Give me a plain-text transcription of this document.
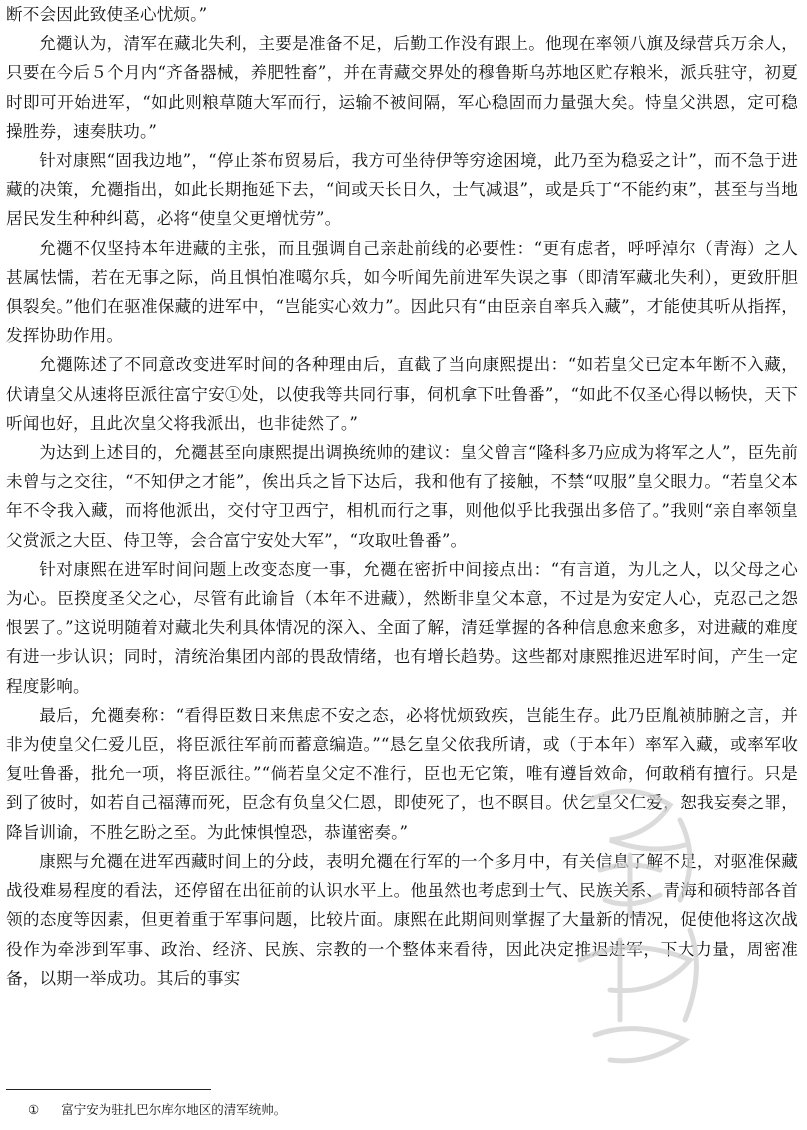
断不会因此致使圣心忧烦。”

允禵认为，清军在藏北失利，主要是准备不足，后勤工作没有跟上。他现在率领八旗及绿营兵万余人，只要在今后５个月内“齐备器械，养肥牲畜”，并在青藏交界处的穆鲁斯乌苏地区贮存粮米，派兵驻守，初夏时即可开始进军，“如此则粮草随大军而行，运输不被间隔，军心稳固而力量强大矣。恃皇父洪恩，定可稳操胜券，速奏肤功。”

针对康熙“固我边地”，“停止茶布贸易后，我方可坐待伊等穷途困境，此乃至为稳妥之计”，而不急于进藏的决策，允禵指出，如此长期拖延下去，“间或天长日久，士气减退”，或是兵丁“不能约束”，甚至与当地居民发生种种纠葛，必将“使皇父更增忧劳”。

允禵不仅坚持本年进藏的主张，而且强调自己亲赴前线的必要性：“更有虑者，呼呼淖尔（青海）之人甚属怯懦，若在无事之际，尚且惧怕准噶尔兵，如今听闻先前进军失误之事（即清军藏北失利），更致肝胆俱裂矣。”他们在驱准保藏的进军中，“岂能实心效力”。因此只有“由臣亲自率兵入藏”，才能使其听从指挥，发挥协助作用。

允禵陈述了不同意改变进军时间的各种理由后，直截了当向康熙提出：“如若皇父已定本年断不入藏，伏请皇父从速将臣派往富宁安①处，以使我等共同行事，伺机拿下吐鲁番”，“如此不仅圣心得以畅快，天下听闻也好，且此次皇父将我派出，也非徒然了。”

为达到上述目的，允禵甚至向康熙提出调换统帅的建议：皇父曾言“隆科多乃应成为将军之人”，臣先前未曾与之交往，“不知伊之才能”，俟出兵之旨下达后，我和他有了接触，不禁“叹服”皇父眼力。“若皇父本年不令我入藏，而将他派出，交付守卫西宁，相机而行之事，则他似乎比我强出多倍了。”我则“亲自率领皇父赏派之大臣、侍卫等，会合富宁安处大军”，“攻取吐鲁番”。

针对康熙在进军时间问题上改变态度一事，允禵在密折中间接点出：“有言道，为儿之人，以父母之心为心。臣揆度圣父之心，尽管有此谕旨（本年不进藏），然断非皇父本意，不过是为安定人心，克忍己之怨恨罢了。”这说明随着对藏北失利具体情况的深入、全面了解，清廷掌握的各种信息愈来愈多，对进藏的难度有进一步认识；同时，清统治集团内部的畏敌情绪，也有增长趋势。这些都对康熙推迟进军时间，产生一定程度影响。

最后，允禵奏称：“看得臣数日来焦虑不安之态，必将忧烦致疾，岂能生存。此乃臣胤祯肺腑之言，并非为使皇父仁爱儿臣，将臣派往军前而蓄意编造。”“恳乞皇父依我所请，或（于本年）率军入藏，或率军收复吐鲁番，批允一项，将臣派往。”“倘若皇父定不准行，臣也无它策，唯有遵旨效命，何敢稍有擅行。只是到了彼时，如若自己福薄而死，臣念有负皇父仁恩，即使死了，也不瞑目。伏乞皇父仁爱，恕我妄奏之罪，降旨训谕，不胜乞盼之至。为此悚惧惶恐，恭谨密奏。”

康熙与允禵在进军西藏时间上的分歧，表明允禵在行军的一个多月中，有关信息了解不足，对驱准保藏战役难易程度的看法，还停留在出征前的认识水平上。他虽然也考虑到士气、民族关系、青海和硕特部各首领的态度等因素，但更着重于军事问题，比较片面。康熙在此期间则掌握了大量新的情况，促使他将这次战役作为牵涉到军事、政治、经济、民族、宗教的一个整体来看待，因此决定推迟进军，下大力量，周密准备，以期一举成功。其后的事实

① 富宁安为驻扎巴尔库尔地区的清军统帅。
